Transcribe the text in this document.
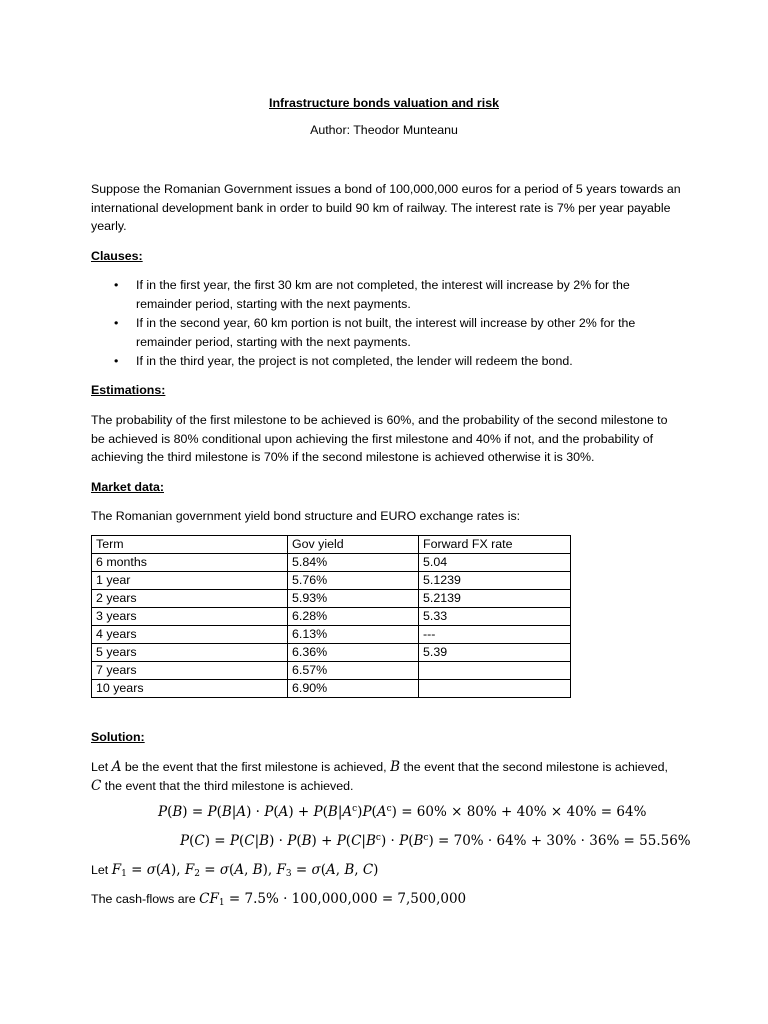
Infrastructure bonds valuation and risk
Author: Theodor Munteanu
Suppose the Romanian Government issues a bond of 100,000,000 euros for a period of 5 years towards an international development bank in order to build 90 km of railway. The interest rate is 7% per year payable yearly.
Clauses:
• If in the first year, the first 30 km are not completed, the interest will increase by 2% for the remainder period, starting with the next payments.
• If in the second year, 60 km portion is not built, the interest will increase by other 2% for the remainder period, starting with the next payments.
• If in the third year, the project is not completed, the lender will redeem the bond.
Estimations:
The probability of the first milestone to be achieved is 60%, and the probability of the second milestone to be achieved is 80% conditional upon achieving the first milestone and 40% if not, and the probability of achieving the third milestone is 70% if the second milestone is achieved otherwise it is 30%.
Market data:
The Romanian government yield bond structure and EURO exchange rates is:
Term	Gov yield	Forward FX rate
6 months	5.84%	5.04
1 year	5.76%	5.1239
2 years	5.93%	5.2139
3 years	6.28%	5.33
4 years	6.13%	---
5 years	6.36%	5.39
7 years	6.57%	
10 years	6.90%	
Solution:
Let A be the event that the first milestone is achieved, B the event that the second milestone is achieved, C the event that the third milestone is achieved.
$P(B) = P(B|A) \cdot P(A) + P(B|A^c)P(A^c) = 60\% \times 80\% + 40\% \times 40\% = 64\%$
$P(C) = P(C|B) \cdot P(B) + P(C|B^c) \cdot P(B^c) = 70\% \cdot 64\% + 30\% \cdot 36\% = 55.56\%$
Let $F_1 = \sigma(A)$, $F_2 = \sigma(A$, B), $F_3 = \sigma(A$, B, C)
The cash-flows are $CF_1 = 7.5\% \cdot 100,000,000 = 7,500,000$
